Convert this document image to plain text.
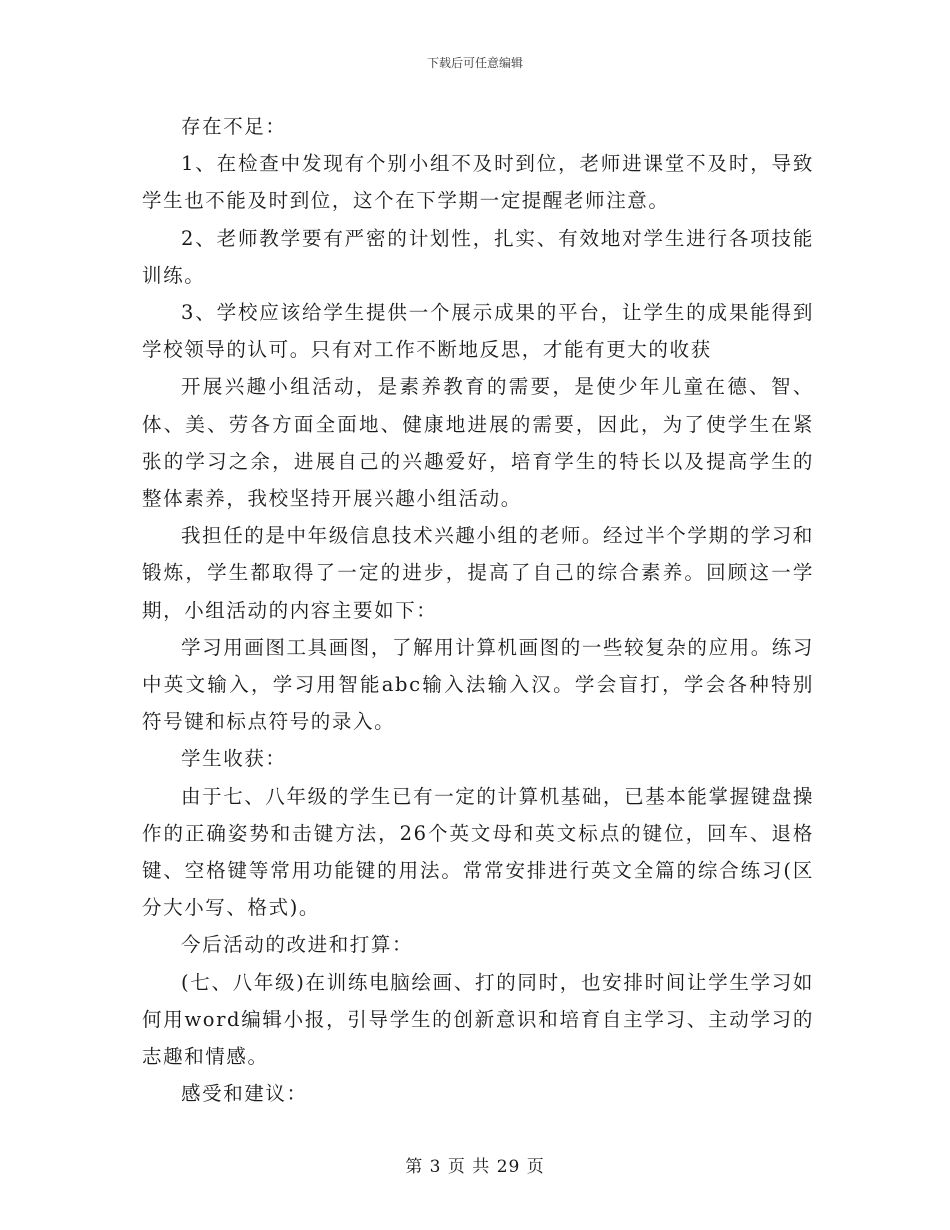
下载后可任意编辑

存在不足：

1、在检查中发现有个别小组不及时到位，老师进课堂不及时，导致学生也不能及时到位，这个在下学期一定提醒老师注意。

2、老师教学要有严密的计划性，扎实、有效地对学生进行各项技能训练。

3、学校应该给学生提供一个展示成果的平台，让学生的成果能得到学校领导的认可。只有对工作不断地反思，才能有更大的收获

开展兴趣小组活动，是素养教育的需要，是使少年儿童在德、智、体、美、劳各方面全面地、健康地进展的需要，因此，为了使学生在紧张的学习之余，进展自己的兴趣爱好，培育学生的特长以及提高学生的整体素养，我校坚持开展兴趣小组活动。

我担任的是中年级信息技术兴趣小组的老师。经过半个学期的学习和锻炼，学生都取得了一定的进步，提高了自己的综合素养。回顾这一学期，小组活动的内容主要如下：

学习用画图工具画图，了解用计算机画图的一些较复杂的应用。练习中英文输入，学习用智能abc输入法输入汉。学会盲打，学会各种特别符号键和标点符号的录入。

学生收获：

由于七、八年级的学生已有一定的计算机基础，已基本能掌握键盘操作的正确姿势和击键方法，26个英文母和英文标点的键位，回车、退格键、空格键等常用功能键的用法。常常安排进行英文全篇的综合练习(区分大小写、格式)。

今后活动的改进和打算：

(七、八年级)在训练电脑绘画、打的同时，也安排时间让学生学习如何用word编辑小报，引导学生的创新意识和培育自主学习、主动学习的志趣和情感。

感受和建议：

第 3 页 共 29 页
